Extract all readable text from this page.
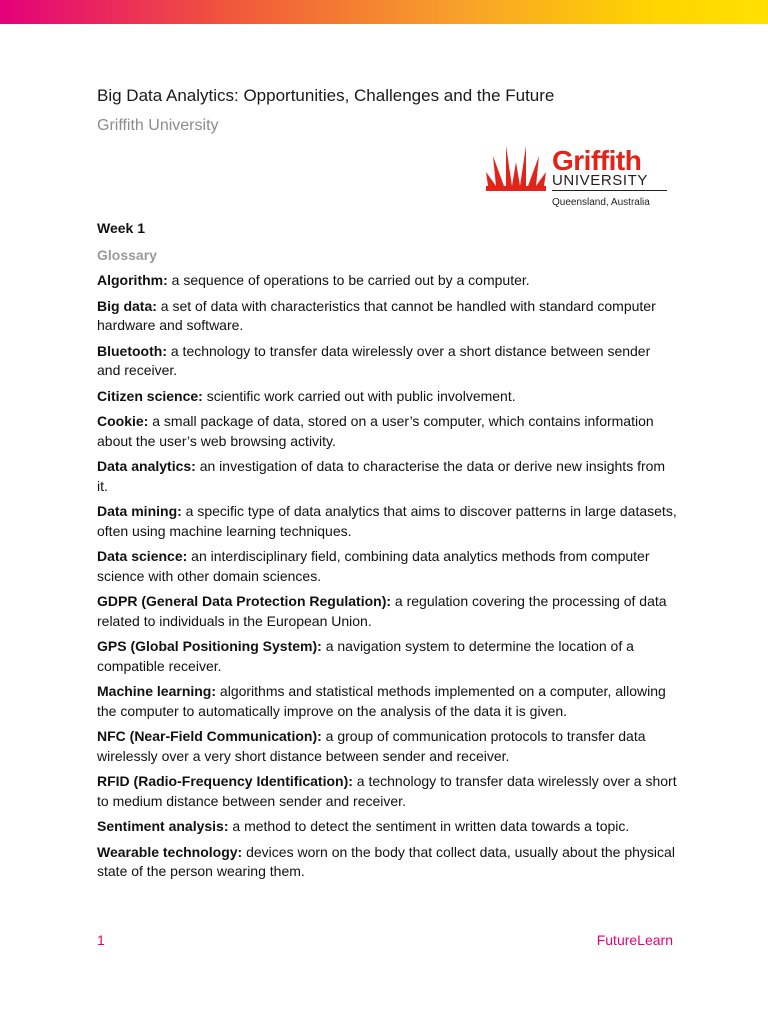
Big Data Analytics: Opportunities, Challenges and the Future
Griffith University
Griffith
UNIVERSITY
Queensland, Australia
Week 1
Glossary

Algorithm: a sequence of operations to be carried out by a computer.

Big data: a set of data with characteristics that cannot be handled with standard computer hardware and software.

Bluetooth: a technology to transfer data wirelessly over a short distance between sender and receiver.

Citizen science: scientific work carried out with public involvement.

Cookie: a small package of data, stored on a user’s computer, which contains information about the user’s web browsing activity.

Data analytics: an investigation of data to characterise the data or derive new insights from it.

Data mining: a specific type of data analytics that aims to discover patterns in large datasets, often using machine learning techniques.

Data science: an interdisciplinary field, combining data analytics methods from computer science with other domain sciences.

GDPR (General Data Protection Regulation): a regulation covering the processing of data related to individuals in the European Union.

GPS (Global Positioning System): a navigation system to determine the location of a compatible receiver.

Machine learning: algorithms and statistical methods implemented on a computer, allowing the computer to automatically improve on the analysis of the data it is given.

NFC (Near-Field Communication): a group of communication protocols to transfer data wirelessly over a very short distance between sender and receiver.

RFID (Radio-Frequency Identification): a technology to transfer data wirelessly over a short to medium distance between sender and receiver.

Sentiment analysis: a method to detect the sentiment in written data towards a topic.

Wearable technology: devices worn on the body that collect data, usually about the physical state of the person wearing them.

1	FutureLearn
